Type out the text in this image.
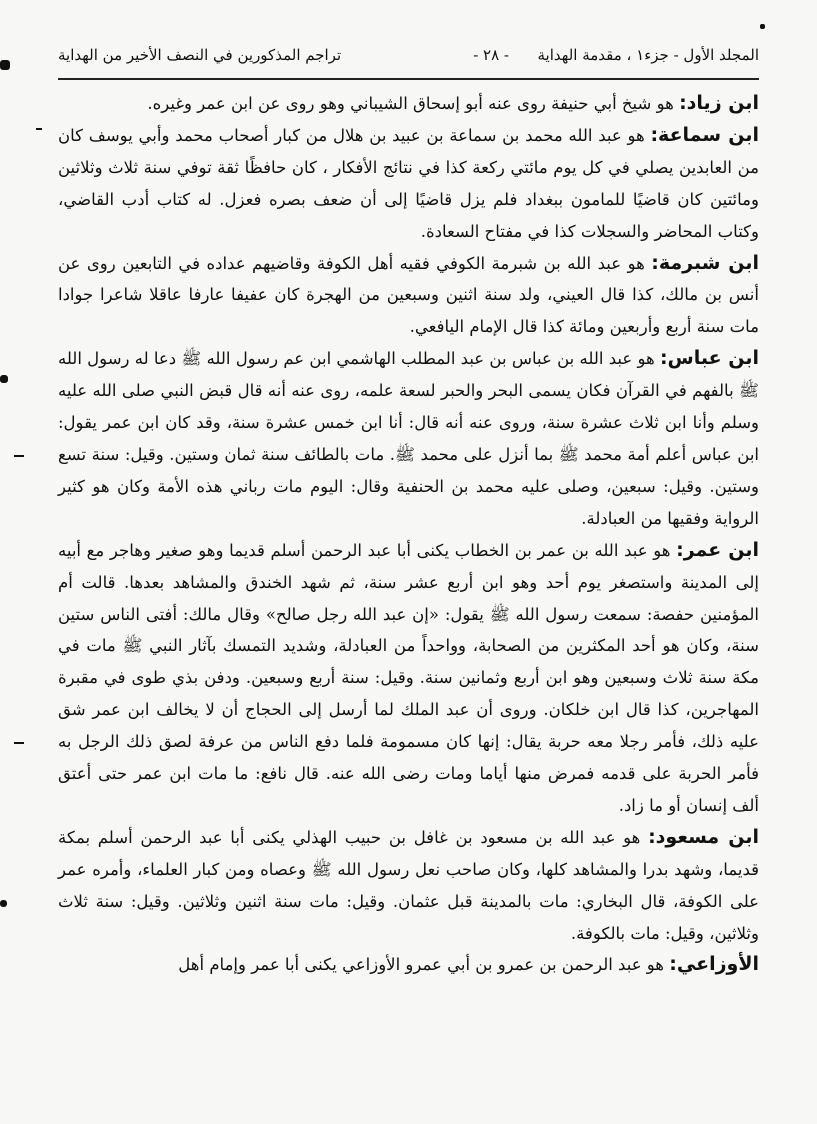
المجلد الأول - جزء١ ، مقدمة الهداية
- ٢٨ -
تراجم المذكورين في النصف الأخير من الهداية

ابن زياد: هو شيخ أبي حنيفة روى عنه أبو إسحاق الشيباني وهو روى عن ابن عمر وغيره.

ابن سماعة: هو عبد الله محمد بن سماعة بن عبيد بن هلال من كبار أصحاب محمد وأبي يوسف كان من العابدين يصلي في كل يوم مائتي ركعة كذا في نتائج الأفكار ، كان حافظًا ثقة توفي سنة ثلاث وثلاثين ومائتين كان قاضيًا للمامون ببغداد فلم يزل قاضيًا إلى أن ضعف بصره فعزل. له كتاب أدب القاضي، وكتاب المحاضر والسجلات كذا في مفتاح السعادة.

ابن شبرمة: هو عبد الله بن شبرمة الكوفي فقيه أهل الكوفة وقاضيهم عداده في التابعين روى عن أنس بن مالك، كذا قال العيني، ولد سنة اثنين وسبعين من الهجرة كان عفيفا عارفا عاقلا شاعرا جوادا مات سنة أربع وأربعين ومائة كذا قال الإمام اليافعي.

ابن عباس: هو عبد الله بن عباس بن عبد المطلب الهاشمي ابن عم رسول الله ﷺ دعا له رسول الله ﷺ بالفهم في القرآن فكان يسمى البحر والحبر لسعة علمه، روى عنه أنه قال قبض النبي صلى الله عليه وسلم وأنا ابن ثلاث عشرة سنة، وروى عنه أنه قال: أنا ابن خمس عشرة سنة، وقد كان ابن عمر يقول: ابن عباس أعلم أمة محمد ﷺ بما أنزل على محمد ﷺ. مات بالطائف سنة ثمان وستين. وقيل: سنة تسع وستين. وقيل: سبعين، وصلى عليه محمد بن الحنفية وقال: اليوم مات رباني هذه الأمة وكان هو كثير الرواية وفقيها من العبادلة.

ابن عمر: هو عبد الله بن عمر بن الخطاب يكنى أبا عبد الرحمن أسلم قديما وهو صغير وهاجر مع أبيه إلى المدينة واستصغر يوم أحد وهو ابن أربع عشر سنة، ثم شهد الخندق والمشاهد بعدها. قالت أم المؤمنين حفصة: سمعت رسول الله ﷺ يقول: «إن عبد الله رجل صالح» وقال مالك: أفتى الناس ستين سنة، وكان هو أحد المكثرين من الصحابة، وواحداً من العبادلة، وشديد التمسك بآثار النبي ﷺ مات في مكة سنة ثلاث وسبعين وهو ابن أربع وثمانين سنة. وقيل: سنة أربع وسبعين. ودفن بذي طوى في مقبرة المهاجرين، كذا قال ابن خلكان. وروى أن عبد الملك لما أرسل إلى الحجاج أن لا يخالف ابن عمر شق عليه ذلك، فأمر رجلا معه حربة يقال: إنها كان مسمومة فلما دفع الناس من عرفة لصق ذلك الرجل به فأمر الحربة على قدمه فمرض منها أياما ومات رضى الله عنه. قال نافع: ما مات ابن عمر حتى أعتق ألف إنسان أو ما زاد.

ابن مسعود: هو عبد الله بن مسعود بن غافل بن حبيب الهذلي يكنى أبا عبد الرحمن أسلم بمكة قديما، وشهد بدرا والمشاهد كلها، وكان صاحب نعل رسول الله ﷺ وعصاه ومن كبار العلماء، وأمره عمر على الكوفة، قال البخاري: مات بالمدينة قبل عثمان. وقيل: مات سنة اثنين وثلاثين. وقيل: سنة ثلاث وثلاثين، وقيل: مات بالكوفة.

الأوزاعي: هو عبد الرحمن بن عمرو بن أبي عمرو الأوزاعي يكنى أبا عمر وإمام أهل
